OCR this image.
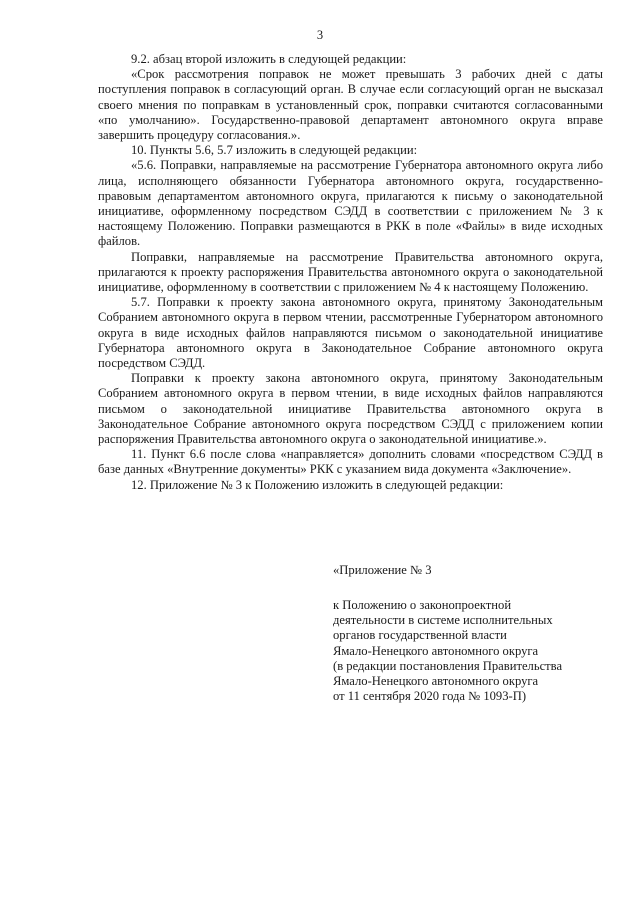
3

9.2. абзац второй изложить в следующей редакции:

«Срок рассмотрения поправок не может превышать 3 рабочих дней с даты поступления поправок в согласующий орган. В случае если согласующий орган не высказал своего мнения по поправкам в установленный срок, поправки считаются согласованными «по умолчанию». Государственно-правовой департамент автономного округа вправе завершить процедуру согласования.».

10. Пункты 5.6, 5.7 изложить в следующей редакции:

«5.6. Поправки, направляемые на рассмотрение Губернатора автономного округа либо лица, исполняющего обязанности Губернатора автономного округа, государственно-правовым департаментом автономного округа, прилагаются к письму о законодательной инициативе, оформленному посредством СЭДД в соответствии с приложением № 3 к настоящему Положению. Поправки размещаются в РКК в поле «Файлы» в виде исходных файлов.

Поправки, направляемые на рассмотрение Правительства автономного округа, прилагаются к проекту распоряжения Правительства автономного округа о законодательной инициативе, оформленному в соответствии с приложением № 4 к настоящему Положению.

5.7. Поправки к проекту закона автономного округа, принятому Законодательным Собранием автономного округа в первом чтении, рассмотренные Губернатором автономного округа в виде исходных файлов направляются письмом о законодательной инициативе Губернатора автономного округа в Законодательное Собрание автономного округа посредством СЭДД.

Поправки к проекту закона автономного округа, принятому Законодательным Собранием автономного округа в первом чтении, в виде исходных файлов направляются письмом о законодательной инициативе Правительства автономного округа в Законодательное Собрание автономного округа посредством СЭДД с приложением копии распоряжения Правительства автономного округа о законодательной инициативе.».

11. Пункт 6.6 после слова «направляется» дополнить словами «посредством СЭДД в базе данных «Внутренние документы» РКК с указанием вида документа «Заключение».

12. Приложение № 3 к Положению изложить в следующей редакции:

«Приложение № 3
к Положению о законопроектной
деятельности в системе исполнительных
органов государственной власти
Ямало-Ненецкого автономного округа
(в редакции постановления Правительства
Ямало-Ненецкого автономного округа
от 11 сентября 2020 года № 1093-П)
